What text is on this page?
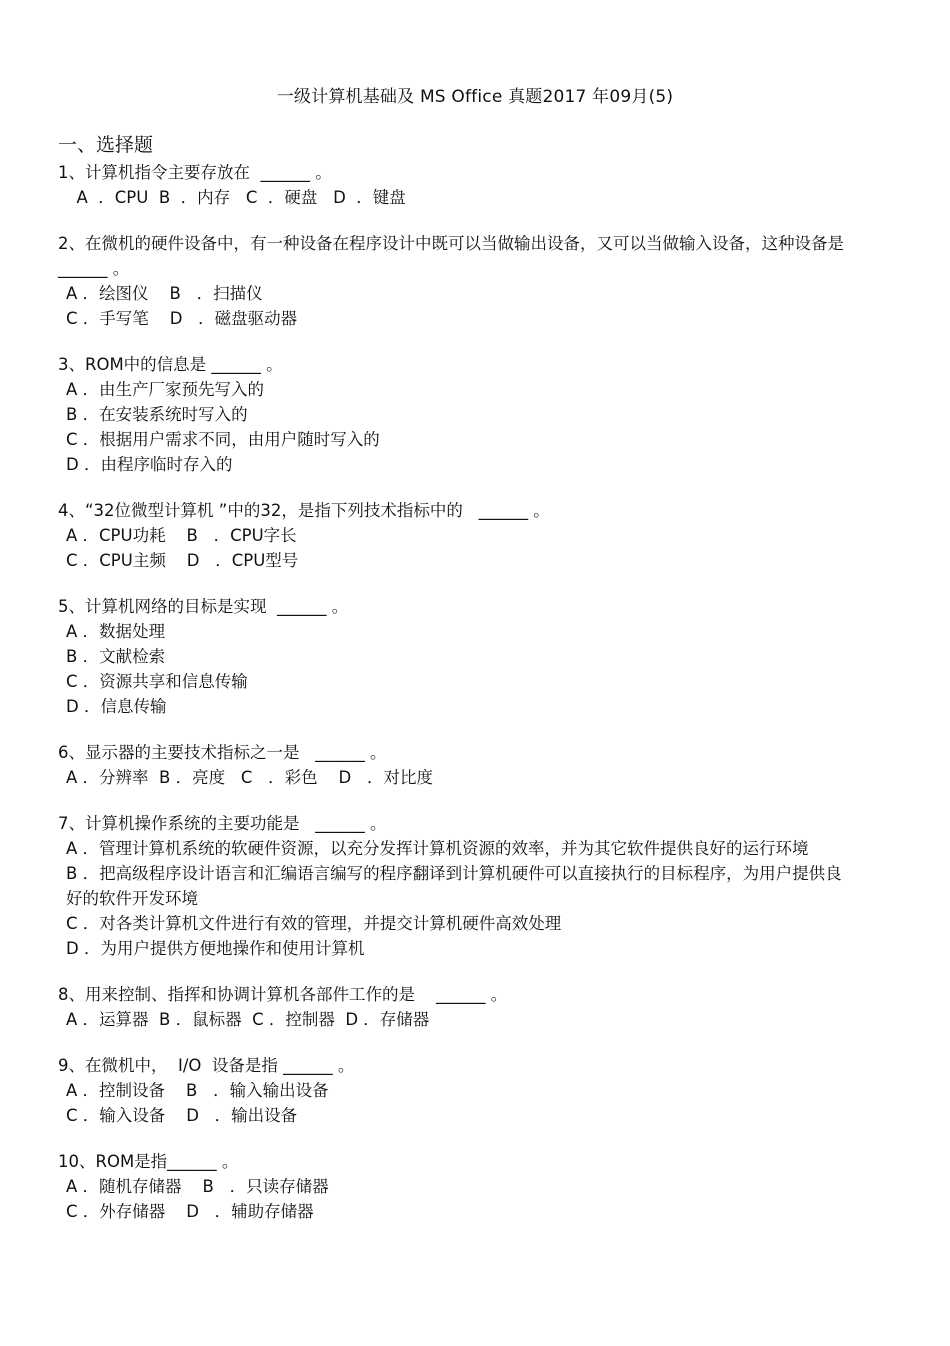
一级计算机基础及 MS Office 真题2017 年09月(5)
一、选择题
1、计算机指令主要存放在  ______ 。
A  ．CPU  B  ．内存   C  ．硬盘   D  ．键盘
2、在微机的硬件设备中，有一种设备在程序设计中既可以当做输出设备，又可以当做输入设备，这种设备是 ______ 。
A ．绘图仪    B   ．扫描仪
C ．手写笔    D   ．磁盘驱动器
3、ROM中的信息是 ______ 。
A ．由生产厂家预先写入的
B ．在安装系统时写入的
C ．根据用户需求不同，由用户随时写入的
D ．由程序临时存入的
4、“32位微型计算机 ”中的32，是指下列技术指标中的   ______ 。
A ．CPU功耗    B   ．CPU字长
C ．CPU主频    D   ．CPU型号
5、计算机网络的目标是实现  ______ 。
A ．数据处理
B ．文献检索
C ．资源共享和信息传输
D ．信息传输
6、显示器的主要技术指标之一是   ______ 。
A ．分辨率  B ．亮度   C   ．彩色    D   ．对比度
7、计算机操作系统的主要功能是   ______ 。
A ．管理计算机系统的软硬件资源，以充分发挥计算机资源的效率，并为其它软件提供良好的运行环境
B ．把高级程序设计语言和汇编语言编写的程序翻译到计算机硬件可以直接执行的目标程序，为用户提供良好的软件开发环境
C ．对各类计算机文件进行有效的管理，并提交计算机硬件高效处理
D ．为用户提供方便地操作和使用计算机
8、用来控制、指挥和协调计算机各部件工作的是    ______ 。
A ．运算器  B ．鼠标器  C ．控制器  D ．存储器
9、在微机中，  I/O  设备是指 ______ 。
A ．控制设备    B   ．输入输出设备
C ．输入设备    D   ．输出设备
10、ROM是指______ 。
A ．随机存储器    B   ．只读存储器
C ．外存储器    D   ．辅助存储器
